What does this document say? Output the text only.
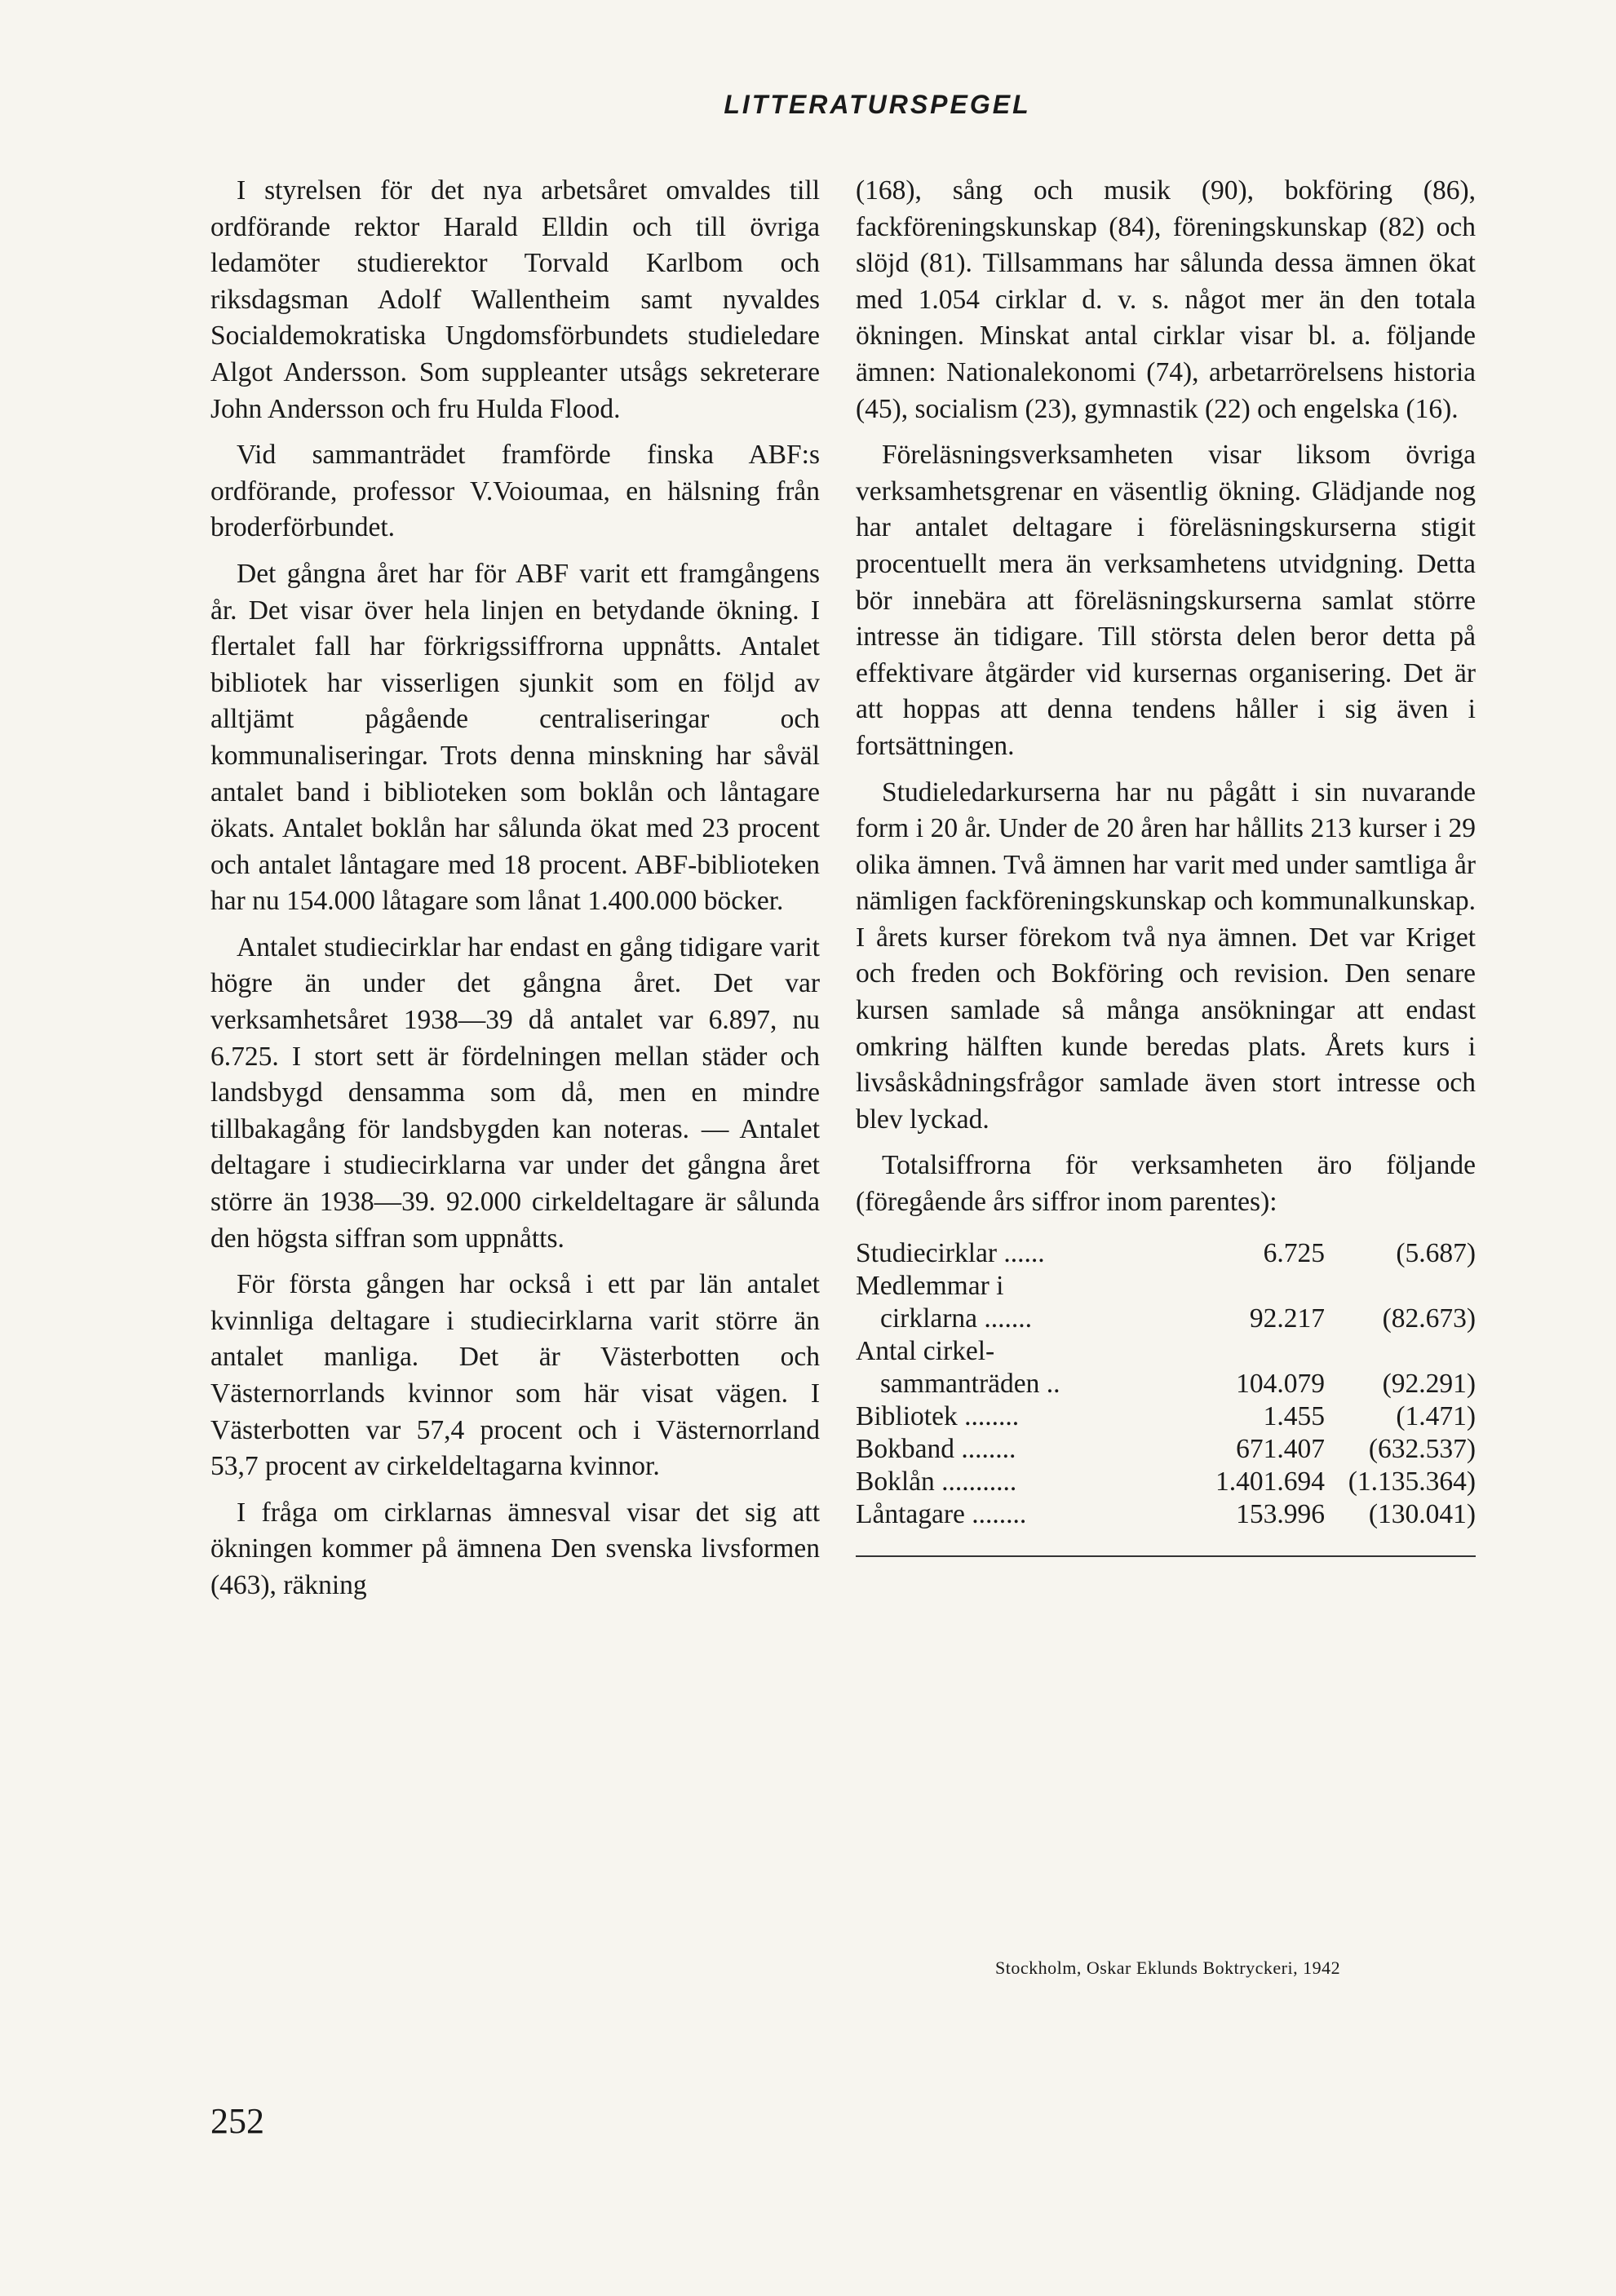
LITTERATURSPEGEL

I styrelsen för det nya arbetsåret omvaldes till ordförande rektor Harald Elldin och till övriga ledamöter studierektor Torvald Karlbom och riksdagsman Adolf Wallentheim samt nyvaldes Socialdemokratiska Ungdomsförbundets studieledare Algot Andersson. Som suppleanter utsågs sekreterare John Andersson och fru Hulda Flood.

Vid sammanträdet framförde finska ABF:s ordförande, professor V.Voioumaa, en hälsning från broderförbundet.

Det gångna året har för ABF varit ett framgångens år. Det visar över hela linjen en betydande ökning. I flertalet fall har förkrigssiffrorna uppnåtts. Antalet bibliotek har visserligen sjunkit som en följd av alltjämt pågående centraliseringar och kommunaliseringar. Trots denna minskning har såväl antalet band i biblioteken som boklån och låntagare ökats. Antalet boklån har sålunda ökat med 23 procent och antalet låntagare med 18 procent. ABF-biblioteken har nu 154.000 låtagare som lånat 1.400.000 böcker.

Antalet studiecirklar har endast en gång tidigare varit högre än under det gångna året. Det var verksamhetsåret 1938—39 då antalet var 6.897, nu 6.725. I stort sett är fördelningen mellan städer och landsbygd densamma som då, men en mindre tillbakagång för landsbygden kan noteras. — Antalet deltagare i studiecirklarna var under det gångna året större än 1938—39. 92.000 cirkeldeltagare är sålunda den högsta siffran som uppnåtts.

För första gången har också i ett par län antalet kvinnliga deltagare i studiecirklarna varit större än antalet manliga. Det är Västerbotten och Västernorrlands kvinnor som här visat vägen. I Västerbotten var 57,4 procent och i Västernorrland 53,7 procent av cirkeldeltagarna kvinnor.

I fråga om cirklarnas ämnesval visar det sig att ökningen kommer på ämnena Den svenska livsformen (463), räkning

(168), sång och musik (90), bokföring (86), fackföreningskunskap (84), föreningskunskap (82) och slöjd (81). Tillsammans har sålunda dessa ämnen ökat med 1.054 cirklar d. v. s. något mer än den totala ökningen. Minskat antal cirklar visar bl. a. följande ämnen: Nationalekonomi (74), arbetarrörelsens historia (45), socialism (23), gymnastik (22) och engelska (16).

Föreläsningsverksamheten visar liksom övriga verksamhetsgrenar en väsentlig ökning. Glädjande nog har antalet deltagare i föreläsningskurserna stigit procentuellt mera än verksamhetens utvidgning. Detta bör innebära att föreläsningskurserna samlat större intresse än tidigare. Till största delen beror detta på effektivare åtgärder vid kursernas organisering. Det är att hoppas att denna tendens håller i sig även i fortsättningen.

Studieledarkurserna har nu pågått i sin nuvarande form i 20 år. Under de 20 åren har hållits 213 kurser i 29 olika ämnen. Två ämnen har varit med under samtliga år nämligen fackföreningskunskap och kommunalkunskap. I årets kurser förekom två nya ämnen. Det var Kriget och freden och Bokföring och revision. Den senare kursen samlade så många ansökningar att endast omkring hälften kunde beredas plats. Årets kurs i livsåskådningsfrågor samlade även stort intresse och blev lyckad.

Totalsiffrorna för verksamheten äro följande (föregående års siffror inom parentes):

Studiecirklar ......	6.725	(5.687)
Medlemmar i		
cirklarna .......	92.217	(82.673)
Antal cirkel-		
sammanträden ..	104.079	(92.291)
Bibliotek ........	1.455	(1.471)
Bokband ........	671.407	(632.537)
Boklån ...........	1.401.694	(1.135.364)
Låntagare ........	153.996	(130.041)
Stockholm, Oskar Eklunds Boktryckeri, 1942
252
